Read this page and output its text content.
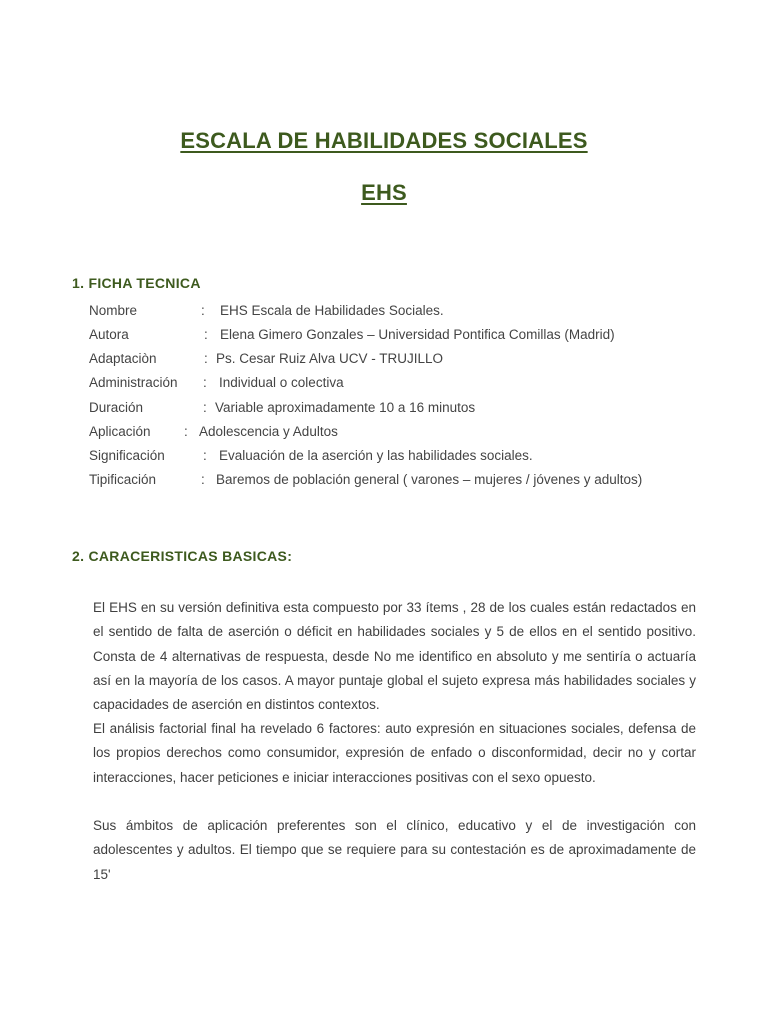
ESCALA DE HABILIDADES SOCIALES
EHS
1. FICHA TECNICA
Nombre	: EHS Escala de Habilidades Sociales.
Autora	: Elena Gimero Gonzales – Universidad Pontifica Comillas (Madrid)
Adaptaciòn	: Ps. Cesar Ruiz Alva UCV - TRUJILLO
Administración : Individual o colectiva
Duración	: Variable aproximadamente 10 a 16 minutos
Aplicación : Adolescencia y Adultos
Significación	: Evaluación de la aserción y las habilidades sociales.
Tipificación	: Baremos de población general ( varones – mujeres / jóvenes y adultos)
2. CARACERISTICAS BASICAS:
El EHS en su versión definitiva esta compuesto por 33 ítems , 28 de los cuales están redactados en el sentido de falta de aserción o déficit en habilidades sociales y 5 de ellos en el sentido positivo. Consta de 4 alternativas de respuesta, desde No me identifico en absoluto y me sentiría o actuaría así en la mayoría de los casos. A mayor puntaje global el sujeto expresa más habilidades sociales y capacidades de aserción en distintos contextos.
El análisis factorial final ha revelado 6 factores: auto expresión en situaciones sociales, defensa de los propios derechos como consumidor, expresión de enfado o disconformidad, decir no y cortar interacciones, hacer peticiones e iniciar interacciones positivas con el sexo opuesto.
Sus ámbitos de aplicación preferentes son el clínico, educativo y el de investigación con adolescentes y adultos. El tiempo que se requiere para su contestación es de aproximadamente de 15'
